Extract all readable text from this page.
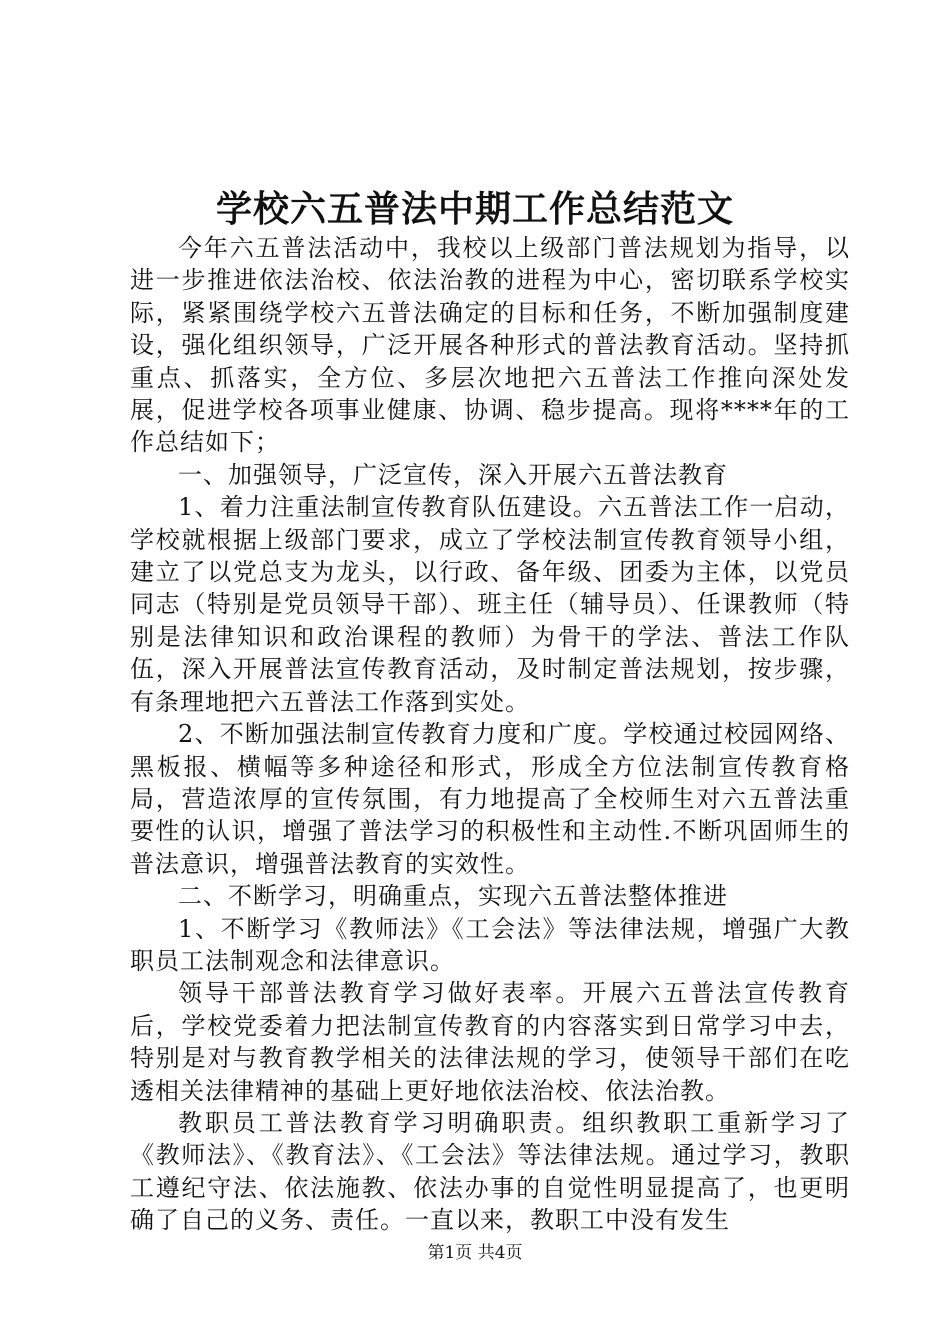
学校六五普法中期工作总结范文

今年六五普法活动中，我校以上级部门普法规划为指导，以进一步推进依法治校、依法治教的进程为中心，密切联系学校实际，紧紧围绕学校六五普法确定的目标和任务，不断加强制度建设，强化组织领导，广泛开展各种形式的普法教育活动。坚持抓重点、抓落实，全方位、多层次地把六五普法工作推向深处发展，促进学校各项事业健康、协调、稳步提高。现将****年的工作总结如下；

一、加强领导，广泛宣传，深入开展六五普法教育

1、着力注重法制宣传教育队伍建设。六五普法工作一启动，学校就根据上级部门要求，成立了学校法制宣传教育领导小组，建立了以党总支为龙头，以行政、备年级、团委为主体，以党员同志（特别是党员领导干部）、班主任（辅导员）、任课教师（特别是法律知识和政治课程的教师）为骨干的学法、普法工作队伍，深入开展普法宣传教育活动，及时制定普法规划，按步骤，有条理地把六五普法工作落到实处。

2、不断加强法制宣传教育力度和广度。学校通过校园网络、黑板报、横幅等多种途径和形式，形成全方位法制宣传教育格局，营造浓厚的宣传氛围，有力地提高了全校师生对六五普法重要性的认识，增强了普法学习的积极性和主动性.不断巩固师生的普法意识，增强普法教育的实效性。

二、不断学习，明确重点，实现六五普法整体推进

1、不断学习《教师法》《工会法》等法律法规，增强广大教职员工法制观念和法律意识。

领导干部普法教育学习做好表率。开展六五普法宣传教育后，学校党委着力把法制宣传教育的内容落实到日常学习中去，特别是对与教育教学相关的法律法规的学习，使领导干部们在吃透相关法律精神的基础上更好地依法治校、依法治教。

教职员工普法教育学习明确职责。组织教职工重新学习了《教师法》、《教育法》、《工会法》等法律法规。通过学习，教职工遵纪守法、依法施教、依法办事的自觉性明显提高了，也更明确了自己的义务、责任。一直以来，教职工中没有发生

第1页 共4页
